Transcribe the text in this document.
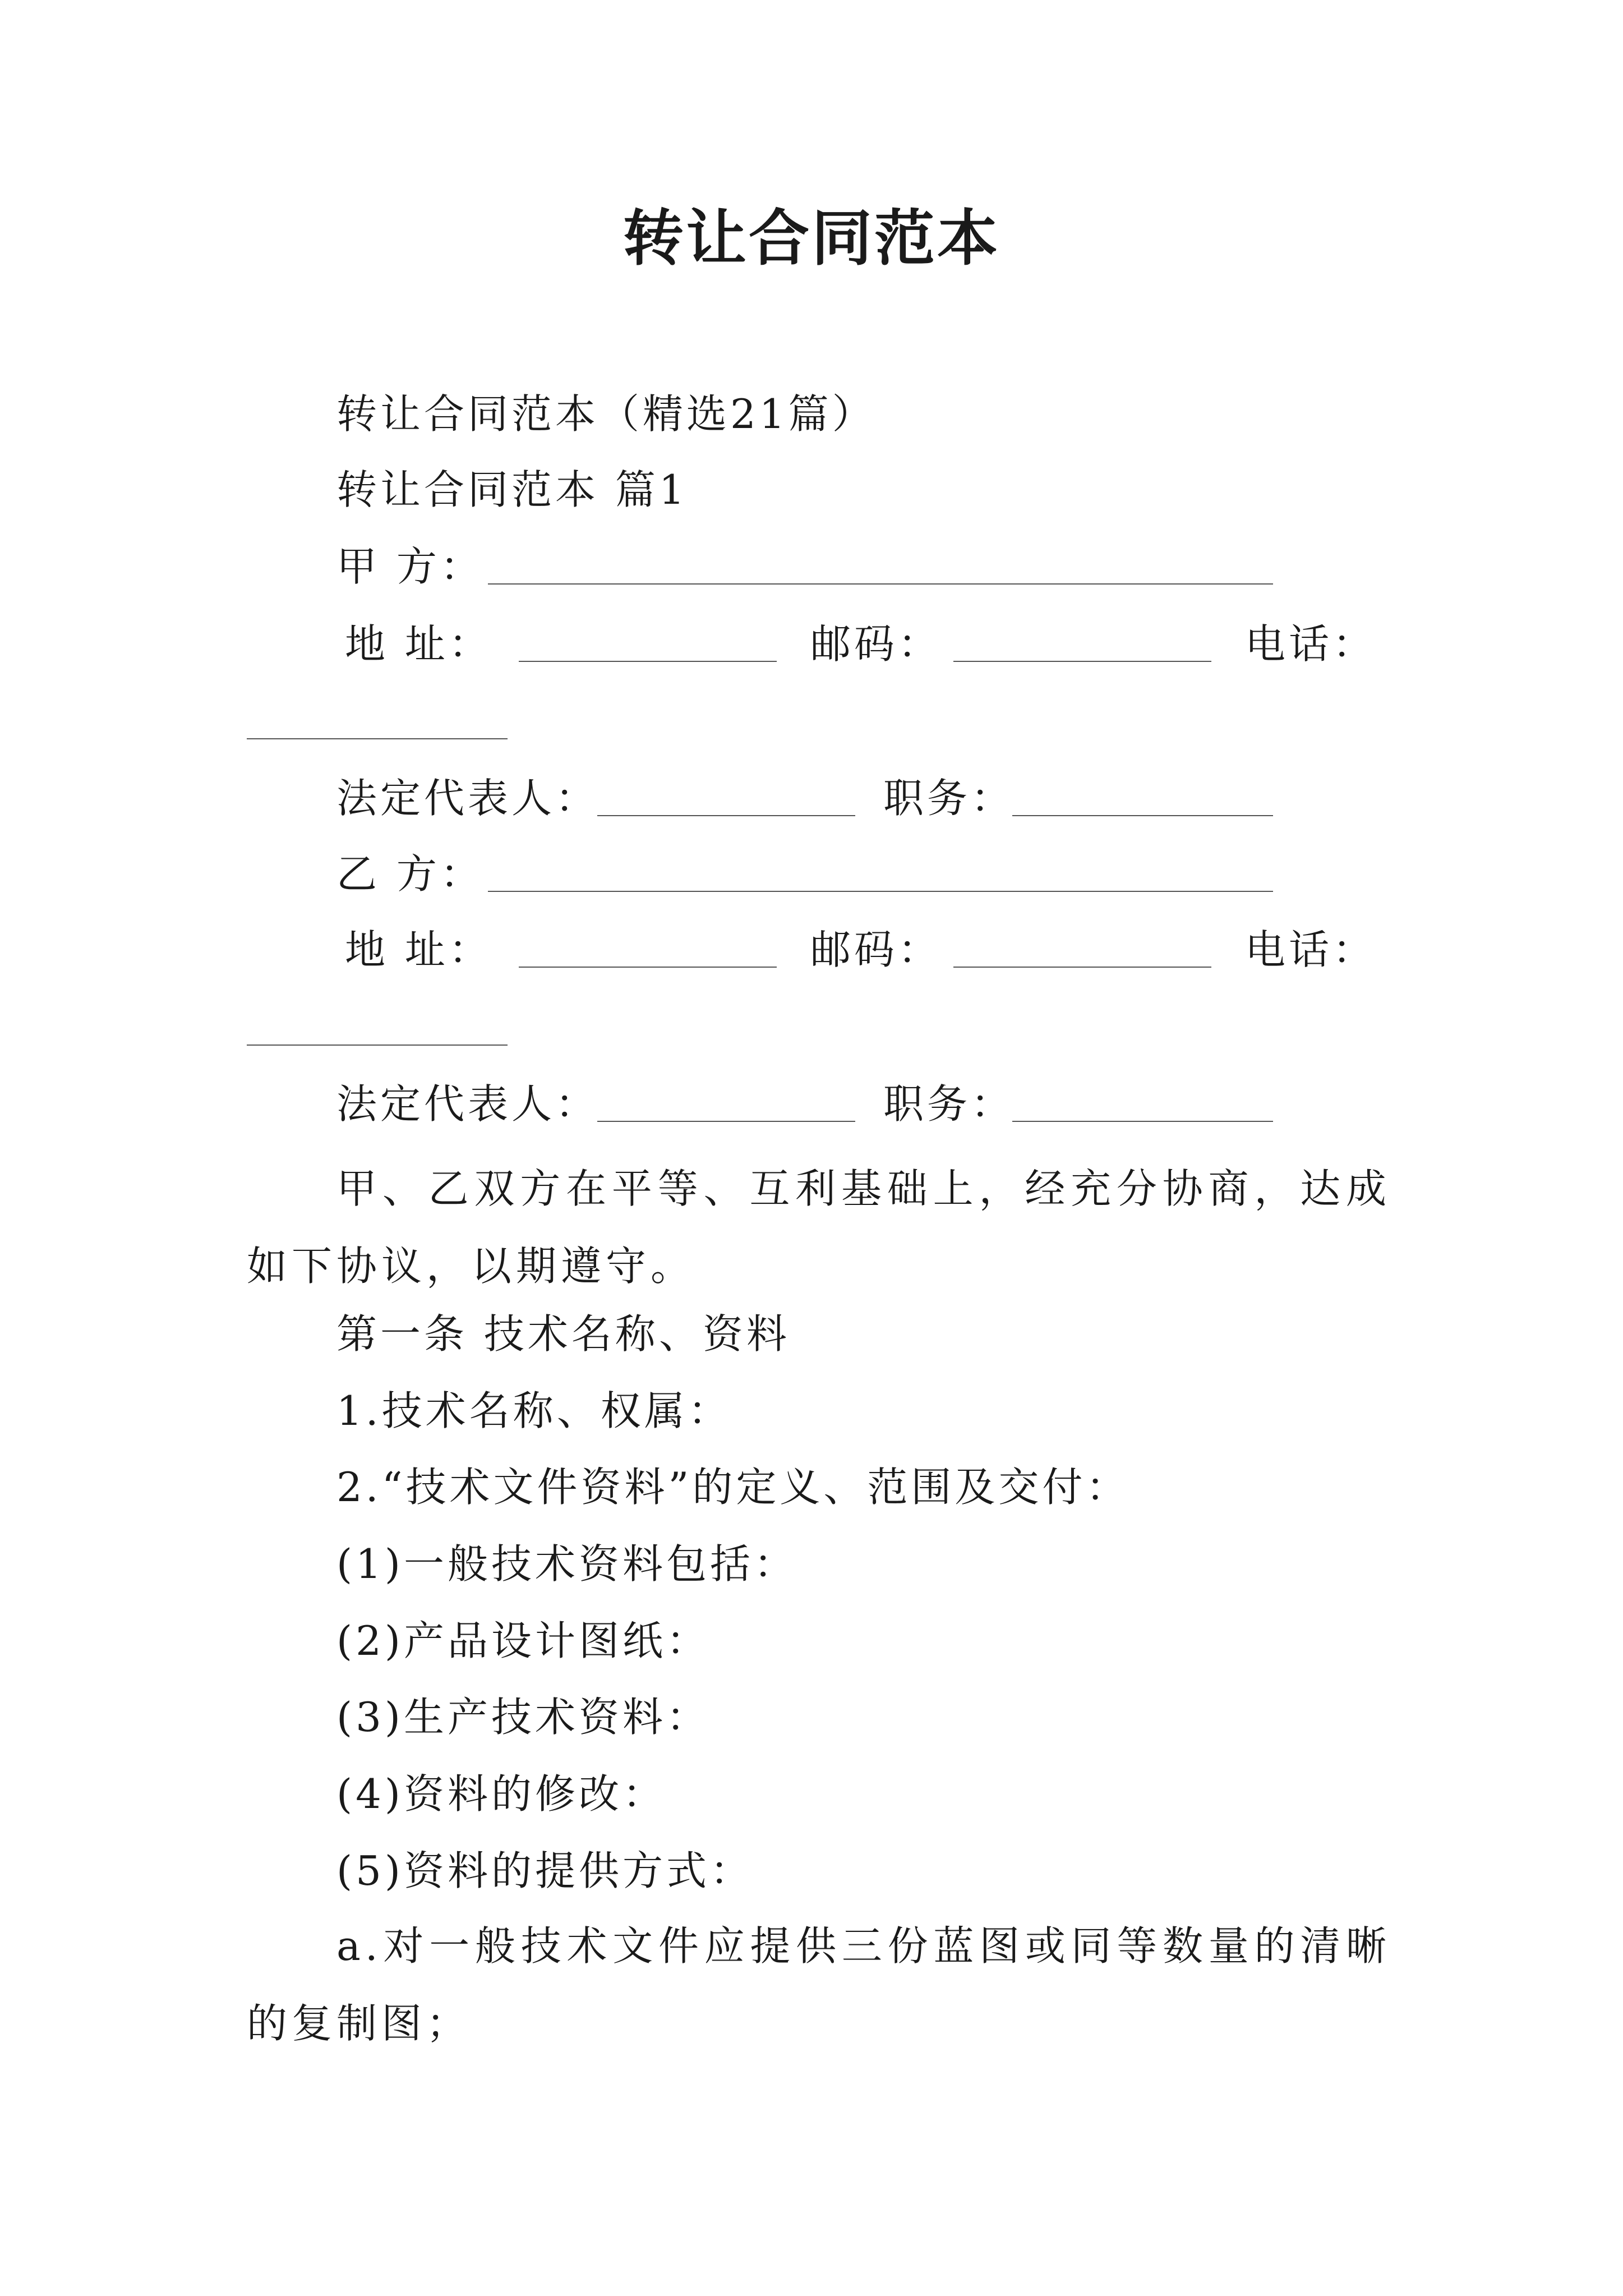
转让合同范本
转让合同范本（精选21篇）
转让合同范本 篇1
甲 方：
地 址：	邮码：	电话：
法定代表人：	职务：
乙 方：
地 址：	邮码：	电话：
法定代表人：	职务：
甲、乙双方在平等、互利基础上，经充分协商，达成如下协议，以期遵守。
第一条 技术名称、资料
1.技术名称、权属：
2.“技术文件资料”的定义、范围及交付：
(1)一般技术资料包括：
(2)产品设计图纸：
(3)生产技术资料：
(4)资料的修改：
(5)资料的提供方式：
a.对一般技术文件应提供三份蓝图或同等数量的清晰的复制图；
